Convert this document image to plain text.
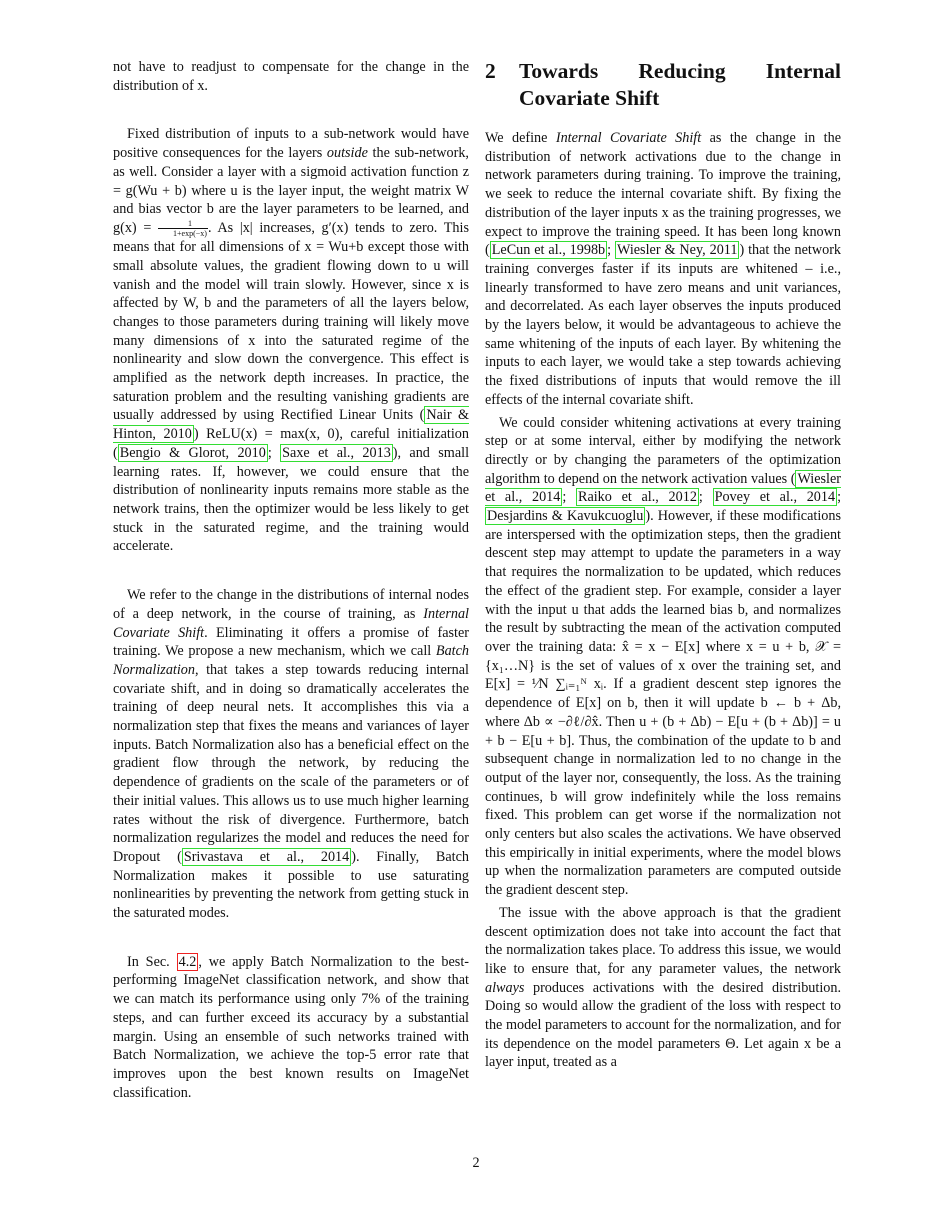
not have to readjust to compensate for the change in the distribution of x.

Fixed distribution of inputs to a sub-network would have positive consequences for the layers outside the sub-network, as well. Consider a layer with a sigmoid activation function z = g(Wu + b) where u is the layer input, the weight matrix W and bias vector b are the layer parameters to be learned, and $g(x) = \frac{1}{1+\exp(-x)}$ . As |x| increases, g′(x) tends to zero. This means that for all dimensions of x = Wu+b except those with small absolute values, the gradient flowing down to u will vanish and the model will train slowly. However, since x is affected by W, b and the parameters of all the layers below, changes to those parameters during training will likely move many dimensions of x into the saturated regime of the nonlinearity and slow down the convergence. This effect is amplified as the network depth increases. In practice, the saturation problem and the resulting vanishing gradients are usually addressed by using Rectified Linear Units ( Nair & Hinton, 2010 ) ReLU(x) = max(x, 0), careful initialization ( Bengio & Glorot, 2010 ; Saxe et al., 2013 ), and small learning rates. If, however, we could ensure that the distribution of nonlinearity inputs remains more stable as the network trains, then the optimizer would be less likely to get stuck in the saturated regime, and the training would accelerate.

We refer to the change in the distributions of internal nodes of a deep network, in the course of training, as Internal Covariate Shift. Eliminating it offers a promise of faster training. We propose a new mechanism, which we call Batch Normalization, that takes a step towards reducing internal covariate shift, and in doing so dramatically accelerates the training of deep neural nets. It accomplishes this via a normalization step that fixes the means and variances of layer inputs. Batch Normalization also has a beneficial effect on the gradient flow through the network, by reducing the dependence of gradients on the scale of the parameters or of their initial values. This allows us to use much higher learning rates without the risk of divergence. Furthermore, batch normalization regularizes the model and reduces the need for Dropout ( Srivastava et al., 2014 ). Finally, Batch Normalization makes it possible to use saturating nonlinearities by preventing the network from getting stuck in the saturated modes.

In Sec. 4.2 , we apply Batch Normalization to the best-performing ImageNet classification network, and show that we can match its performance using only 7% of the training steps, and can further exceed its accuracy by a substantial margin. Using an ensemble of such networks trained with Batch Normalization, we achieve the top-5 error rate that improves upon the best known results on ImageNet classification.

2	Towards Reducing Internal
Covariate Shift

We define Internal Covariate Shift as the change in the distribution of network activations due to the change in network parameters during training. To improve the training, we seek to reduce the internal covariate shift. By fixing the distribution of the layer inputs x as the training progresses, we expect to improve the training speed. It has been long known ( LeCun et al., 1998b ; Wiesler & Ney, 2011 ) that the network training converges faster if its inputs are whitened – i.e., linearly transformed to have zero means and unit variances, and decorrelated. As each layer observes the inputs produced by the layers below, it would be advantageous to achieve the same whitening of the inputs of each layer. By whitening the inputs to each layer, we would take a step towards achieving the fixed distributions of inputs that would remove the ill effects of the internal covariate shift.

We could consider whitening activations at every training step or at some interval, either by modifying the network directly or by changing the parameters of the optimization algorithm to depend on the network activation values ( Wiesler et al., 2014 ; Raiko et al., 2012 ; Povey et al., 2014 ; Desjardins & Kavukcuoglu ). However, if these modifications are interspersed with the optimization steps, then the gradient descent step may attempt to update the parameters in a way that requires the normalization to be updated, which reduces the effect of the gradient step. For example, consider a layer with the input u that adds the learned bias b, and normalizes the result by subtracting the mean of the activation computed over the training data: x̂ = x − E[x] where x = u + b, 𝒳 = {x₁…N} is the set of values of x over the training set, and E[x] = ¹⁄N ∑ᵢ₌₁ᴺ xᵢ. If a gradient descent step ignores the dependence of E[x] on b, then it will update b ← b + Δb, where Δb ∝ −∂ℓ/∂x̂. Then u + (b + Δb) − E[u + (b + Δb)] = u + b − E[u + b]. Thus, the combination of the update to b and subsequent change in normalization led to no change in the output of the layer nor, consequently, the loss. As the training continues, b will grow indefinitely while the loss remains fixed. This problem can get worse if the normalization not only centers but also scales the activations. We have observed this empirically in initial experiments, where the model blows up when the normalization parameters are computed outside the gradient descent step.

The issue with the above approach is that the gradient descent optimization does not take into account the fact that the normalization takes place. To address this issue, we would like to ensure that, for any parameter values, the network always produces activations with the desired distribution. Doing so would allow the gradient of the loss with respect to the model parameters to account for the normalization, and for its dependence on the model parameters Θ. Let again x be a layer input, treated as a

2
